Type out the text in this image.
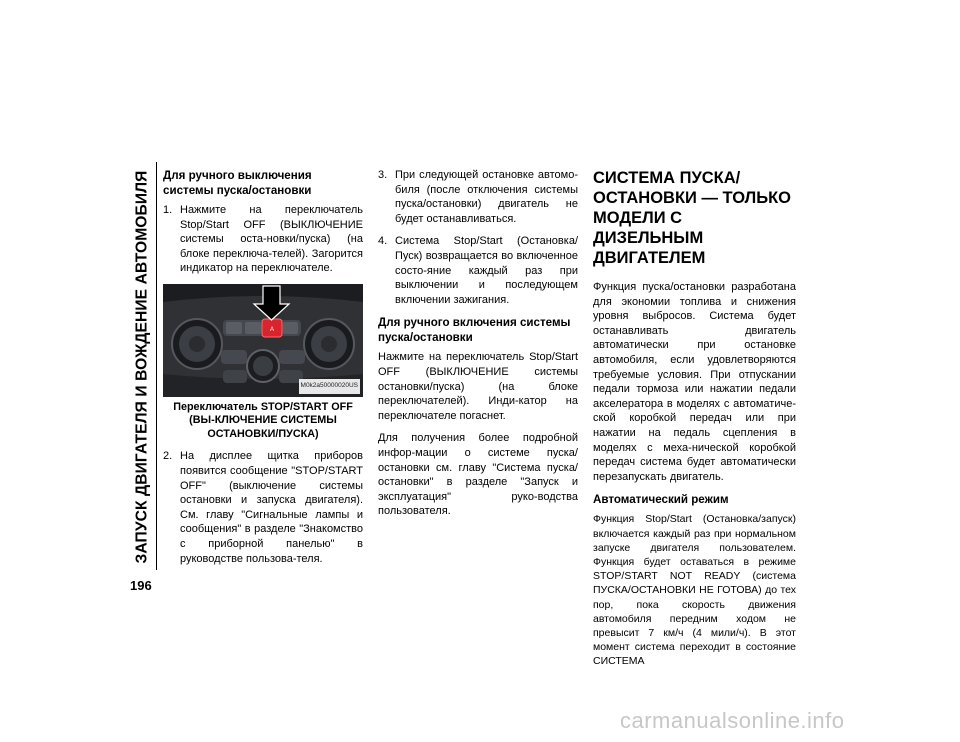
ЗАПУСК ДВИГАТЕЛЯ И ВОЖДЕНИЕ АВТОМОБИЛЯ
196
Для ручного выключения системы пуска/остановки
1. Нажмите на переключатель Stop/Start OFF (ВЫКЛЮЧЕНИЕ системы оста-новки/пуска) (на блоке переключа-телей). Загорится индикатор на переключателе.
A
M0k2a50000020US
Переключатель STOP/START OFF (ВЫ-КЛЮЧЕНИЕ СИСТЕМЫ ОСТАНОВКИ/ПУСКА)
2. На дисплее щитка приборов появится сообщение "STOP/START OFF" (выключение системы остановки и запуска двигателя). См. главу "Сигнальные лампы и сообщения" в разделе "Знакомство с приборной панелью" в руководстве пользова-теля.
3. При следующей остановке автомо-биля (после отключения системы пуска/остановки) двигатель не будет останавливаться.
4. Система Stop/Start (Остановка/Пуск) возвращается во включенное состо-яние каждый раз при выключении и последующем включении зажигания.
Для ручного включения системы пуска/остановки

Нажмите на переключатель Stop/Start OFF (ВЫКЛЮЧЕНИЕ системы остановки/пуска) (на блоке переключателей). Инди-катор на переключателе погаснет.

Для получения более подробной инфор-мации о системе пуска/остановки см. главу "Система пуска/остановки" в разделе "Запуск и эксплуатация" руко-водства пользователя.

СИСТЕМА ПУСКА/ ОСТАНОВКИ — ТОЛЬКО МОДЕЛИ С ДИЗЕЛЬНЫМ ДВИГАТЕЛЕМ

Функция пуска/остановки разработана для экономии топлива и снижения уровня выбросов. Система будет останавливать двигатель автоматически при остановке автомобиля, если удовлетворяются требуемые условия. При отпускании педали тормоза или нажатии педали акселератора в моделях с автоматиче-ской коробкой передач или при нажатии на педаль сцепления в моделях с меха-нической коробкой передач система будет автоматически перезапускать двигатель.

Автоматический режим

Функция Stop/Start (Остановка/запуск) включается каждый раз при нормальном запуске двигателя пользователем. Функция будет оставаться в режиме STOP/START NOT READY (система ПУСКА/ОСТАНОВКИ НЕ ГОТОВА) до тех пор, пока скорость движения автомобиля передним ходом не превысит 7 км/ч (4 мили/ч). В этот момент система переходит в состояние СИСТЕМА

carmanualsonline.info
